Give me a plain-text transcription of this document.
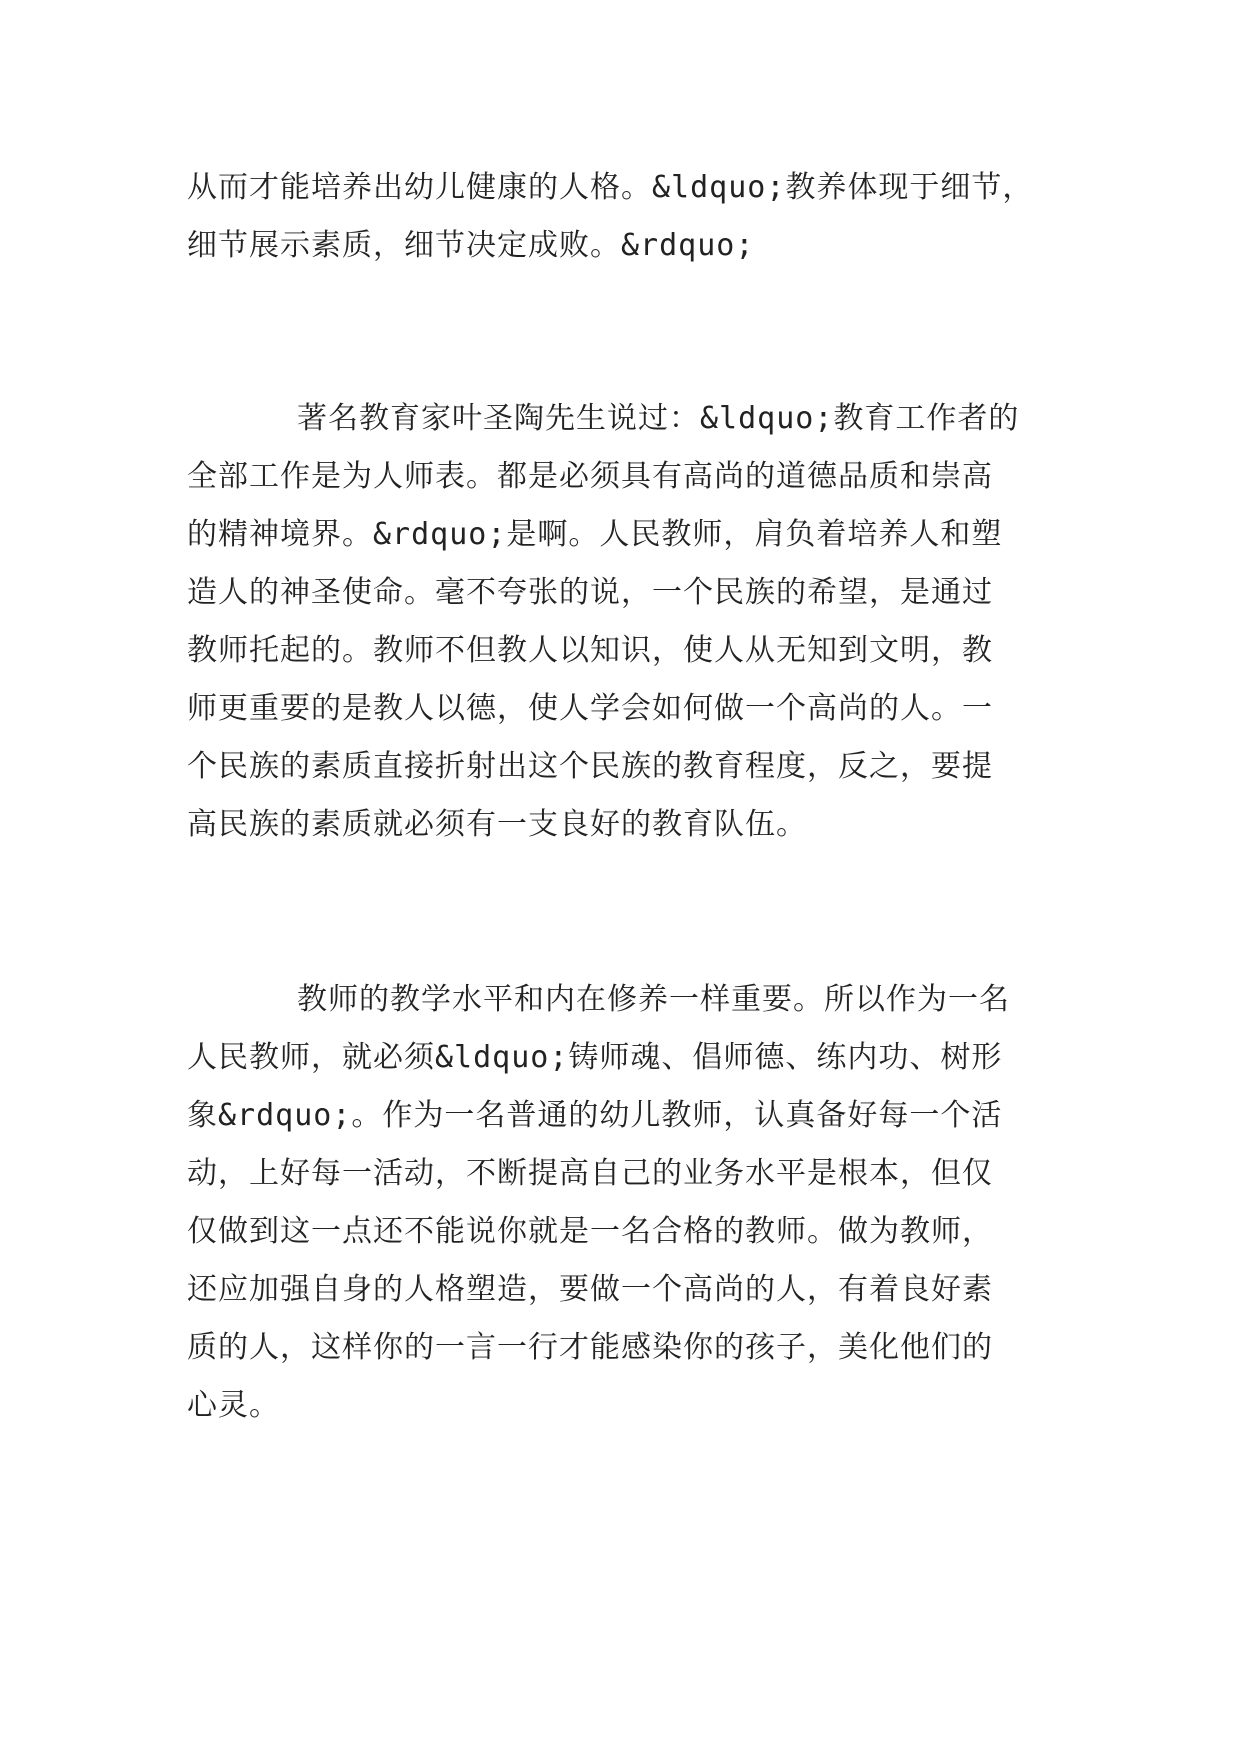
从而才能培养出幼儿健康的人格。&ldquo;教养体现于细节，
细节展示素质，细节决定成败。&rdquo;
著名教育家叶圣陶先生说过：&ldquo;教育工作者的
全部工作是为人师表。都是必须具有高尚的道德品质和崇高
的精神境界。&rdquo;是啊。人民教师，肩负着培养人和塑
造人的神圣使命。毫不夸张的说，一个民族的希望，是通过
教师托起的。教师不但教人以知识，使人从无知到文明，教
师更重要的是教人以德，使人学会如何做一个高尚的人。一
个民族的素质直接折射出这个民族的教育程度，反之，要提
高民族的素质就必须有一支良好的教育队伍。
教师的教学水平和内在修养一样重要。所以作为一名
人民教师，就必须&ldquo;铸师魂、倡师德、练内功、树形
象&rdquo;。作为一名普通的幼儿教师，认真备好每一个活
动，上好每一活动，不断提高自己的业务水平是根本，但仅
仅做到这一点还不能说你就是一名合格的教师。做为教师，
还应加强自身的人格塑造，要做一个高尚的人，有着良好素
质的人，这样你的一言一行才能感染你的孩子，美化他们的
心灵。
